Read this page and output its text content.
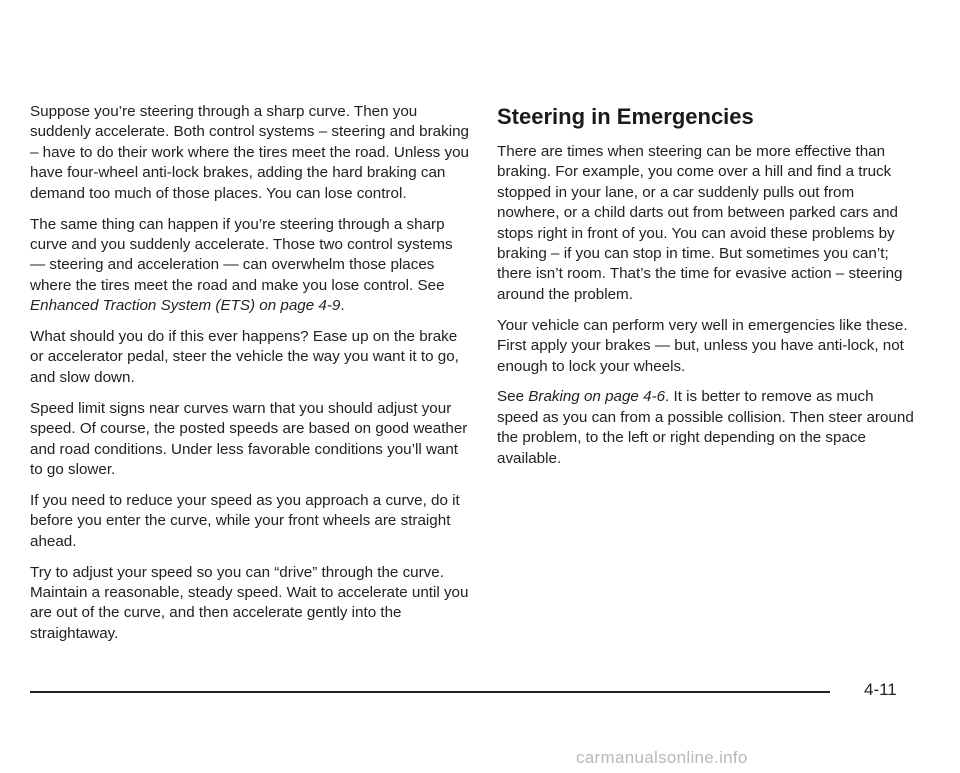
Suppose you’re steering through a sharp curve. Then you suddenly accelerate. Both control systems – steering and braking – have to do their work where the tires meet the road. Unless you have four-wheel anti-lock brakes, adding the hard braking can demand too much of those places. You can lose control.

The same thing can happen if you’re steering through a sharp curve and you suddenly accelerate. Those two control systems — steering and acceleration — can overwhelm those places where the tires meet the road and make you lose control. See Enhanced Traction System (ETS) on page 4-9.

What should you do if this ever happens? Ease up on the brake or accelerator pedal, steer the vehicle the way you want it to go, and slow down.

Speed limit signs near curves warn that you should adjust your speed. Of course, the posted speeds are based on good weather and road conditions. Under less favorable conditions you’ll want to go slower.

If you need to reduce your speed as you approach a curve, do it before you enter the curve, while your front wheels are straight ahead.

Try to adjust your speed so you can “drive” through the curve. Maintain a reasonable, steady speed. Wait to accelerate until you are out of the curve, and then accelerate gently into the straightaway.

Steering in Emergencies

There are times when steering can be more effective than braking. For example, you come over a hill and find a truck stopped in your lane, or a car suddenly pulls out from nowhere, or a child darts out from between parked cars and stops right in front of you. You can avoid these problems by braking – if you can stop in time. But sometimes you can’t; there isn’t room. That’s the time for evasive action – steering around the problem.

Your vehicle can perform very well in emergencies like these. First apply your brakes — but, unless you have anti-lock, not enough to lock your wheels.

See Braking on page 4-6. It is better to remove as much speed as you can from a possible collision. Then steer around the problem, to the left or right depending on the space available.

4-11
carmanualsonline.info
